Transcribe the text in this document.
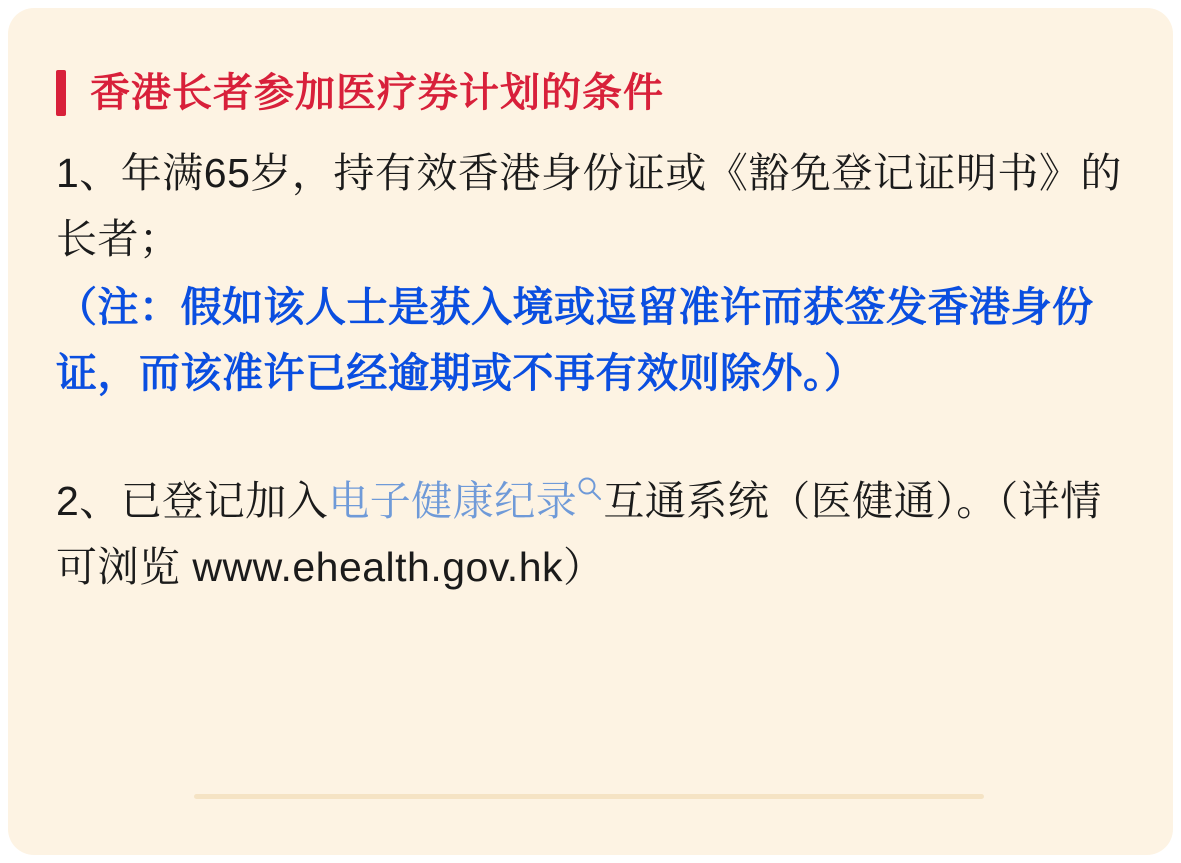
香港长者参加医疗券计划的条件
1、年满65岁，持有效香港身份证或《豁免登记证明书》的长者；
（注：假如该人士是获入境或逗留准许而获签发香港身份证，而该准许已经逾期或不再有效则除外。）
2、已登记加入电子健康纪录 互通系统（医健通）。（详情可浏览 www.ehealth.gov.hk）
